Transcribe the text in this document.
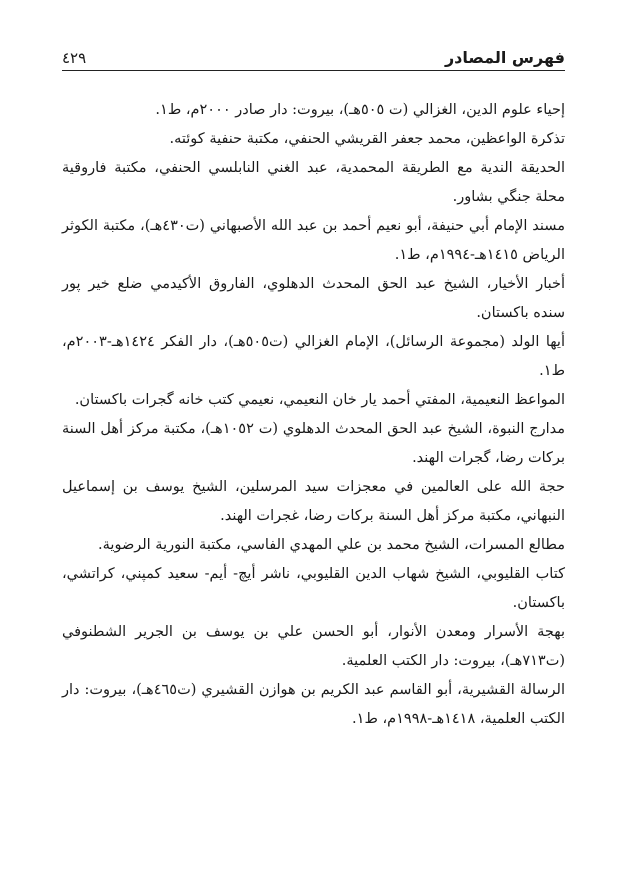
فهرس المصادر
٤٢٩
إحياء علوم الدين، الغزالي (ت ٥٠٥هـ)، بيروت: دار صادر ٢٠٠٠م، ط١.
تذكرة الواعظين، محمد جعفر القريشي الحنفي، مكتبة حنفية كوئته.
الحديقة الندية مع الطريقة المحمدية، عبد الغني النابلسي الحنفي، مكتبة فاروقية محلة جنگي بشاور.
مسند الإمام أبي حنيفة، أبو نعيم أحمد بن عبد الله الأصبهاني (ت٤٣٠هـ)، مكتبة الكوثر الرياض ١٤١٥هـ-١٩٩٤م، ط١.
أخبار الأخيار، الشيخ عبد الحق المحدث الدهلوي، الفاروق الأكيدمي ضلع خير پور سنده باكستان.
أيها الولد (مجموعة الرسائل)، الإمام الغزالي (ت٥٠٥هـ)، دار الفكر ١٤٢٤هـ-٢٠٠٣م، ط١.
المواعظ النعيمية، المفتي أحمد يار خان النعيمي، نعيمي كتب خانه گجرات باكستان.
مدارج النبوة، الشيخ عبد الحق المحدث الدهلوي (ت ١٠٥٢هـ)، مكتبة مركز أهل السنة بركات رضا، گجرات الهند.
حجة الله على العالمين في معجزات سيد المرسلين، الشيخ يوسف بن إسماعيل النبهاني، مكتبة مركز أهل السنة بركات رضا، غجرات الهند.
مطالع المسرات، الشيخ محمد بن علي المهدي الفاسي، مكتبة النورية الرضوية.
كتاب القليوبي، الشيخ شهاب الدين القليوبي، ناشر أيچ- أيم- سعيد كمپني، كراتشي، باكستان.
بهجة الأسرار ومعدن الأنوار، أبو الحسن علي بن يوسف بن الجرير الشطنوفي (ت٧١٣هـ)، بيروت: دار الكتب العلمية.
الرسالة القشيرية، أبو القاسم عبد الكريم بن هوازن القشيري (ت٤٦٥هـ)، بيروت: دار الكتب العلمية، ١٤١٨هـ-١٩٩٨م، ط١.
